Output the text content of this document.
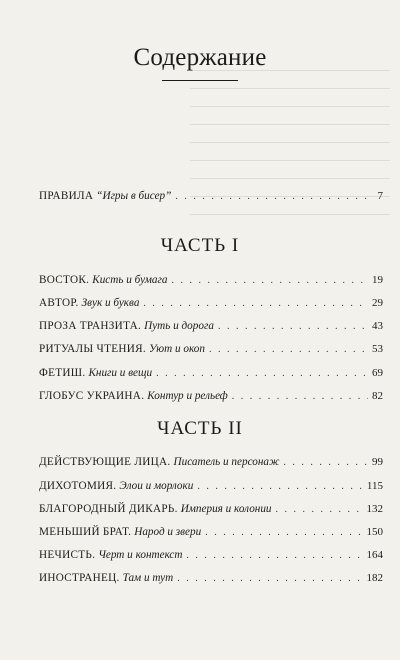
Содержание
ПРАВИЛА “Игры в бисер” . . .	7
ЧАСТЬ I
ВОСТОК. Кисть и бумага . . .	19
АВТОР. Звук и буква . . .	29
ПРОЗА ТРАНЗИТА. Путь и дорога . . .	43
РИТУАЛЫ ЧТЕНИЯ. Уют и окоп . . .	53
ФЕТИШ. Книги и вещи . . .	69
ГЛОБУС УКРАИНА. Контур и рельеф . . .	82
ЧАСТЬ II
ДЕЙСТВУЮЩИЕ ЛИЦА. Писатель и персонаж . . .	99
ДИХОТОМИЯ. Элои и морлоки . . .	115
БЛАГОРОДНЫЙ ДИКАРЬ. Империя и колонии . . .	132
МЕНЬШИЙ БРАТ. Народ и звери . . .	150
НЕЧИСТЬ. Черт и контекст . . .	164
ИНОСТРАНЕЦ. Там и тут . . .	182
